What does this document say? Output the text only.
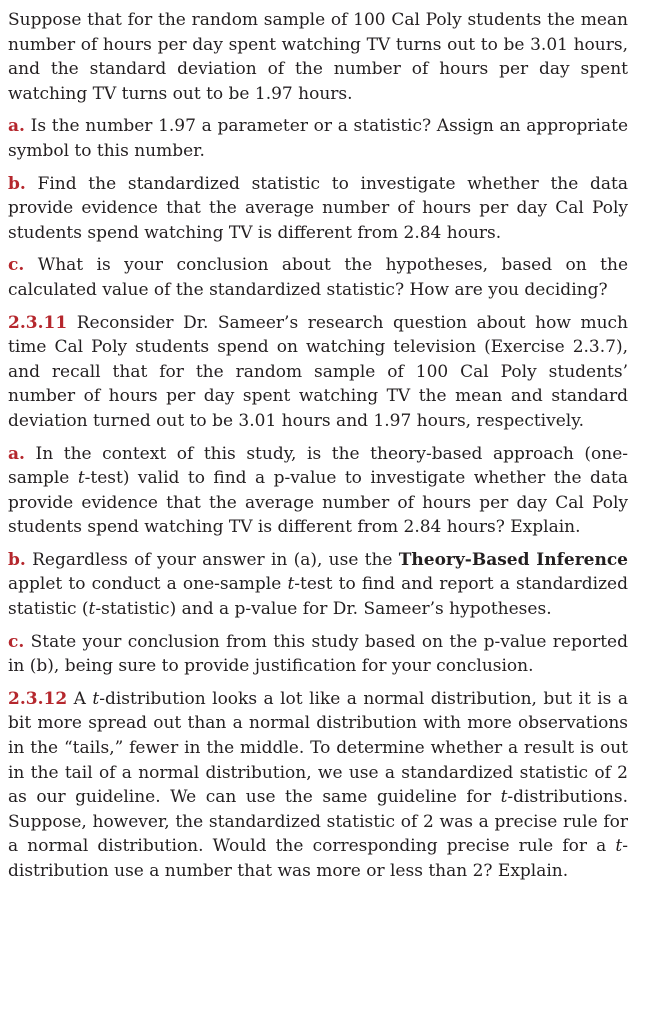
Suppose that for the random sample of 100 Cal Poly students the mean number of hours per day spent watching TV turns out to be 3.01 hours, and the standard deviation of the number of hours per day spent watching TV turns out to be 1.97 hours.

a. Is the number 1.97 a parameter or a statistic? Assign an appropriate symbol to this number.

b. Find the standardized statistic to investigate whether the data provide evidence that the average number of hours per day Cal Poly students spend watching TV is different from 2.84 hours.

c. What is your conclusion about the hypotheses, based on the calculated value of the standardized statistic? How are you deciding?

2.3.11 Reconsider Dr. Sameer’s research question about how much time Cal Poly students spend on watching television (Exercise 2.3.7), and recall that for the random sample of 100 Cal Poly students’ number of hours per day spent watching TV the mean and standard deviation turned out to be 3.01 hours and 1.97 hours, respectively.

a. In the context of this study, is the theory-based approach (one-sample t-test) valid to find a p-value to investigate whether the data provide evidence that the average number of hours per day Cal Poly students spend watching TV is different from 2.84 hours? Explain.

b. Regardless of your answer in (a), use the Theory-Based Inference applet to conduct a one-sample t-test to find and report a standardized statistic (t-statistic) and a p-value for Dr. Sameer’s hypotheses.

c. State your conclusion from this study based on the p-value reported in (b), being sure to provide justification for your conclusion.

2.3.12 A t-distribution looks a lot like a normal distribution, but it is a bit more spread out than a normal distribution with more observations in the “tails,” fewer in the middle. To determine whether a result is out in the tail of a normal distribution, we use a standardized statistic of 2 as our guideline. We can use the same guideline for t-distributions. Suppose, however, the standardized statistic of 2 was a precise rule for a normal distribution. Would the corresponding precise rule for a t-distribution use a number that was more or less than 2? Explain.
